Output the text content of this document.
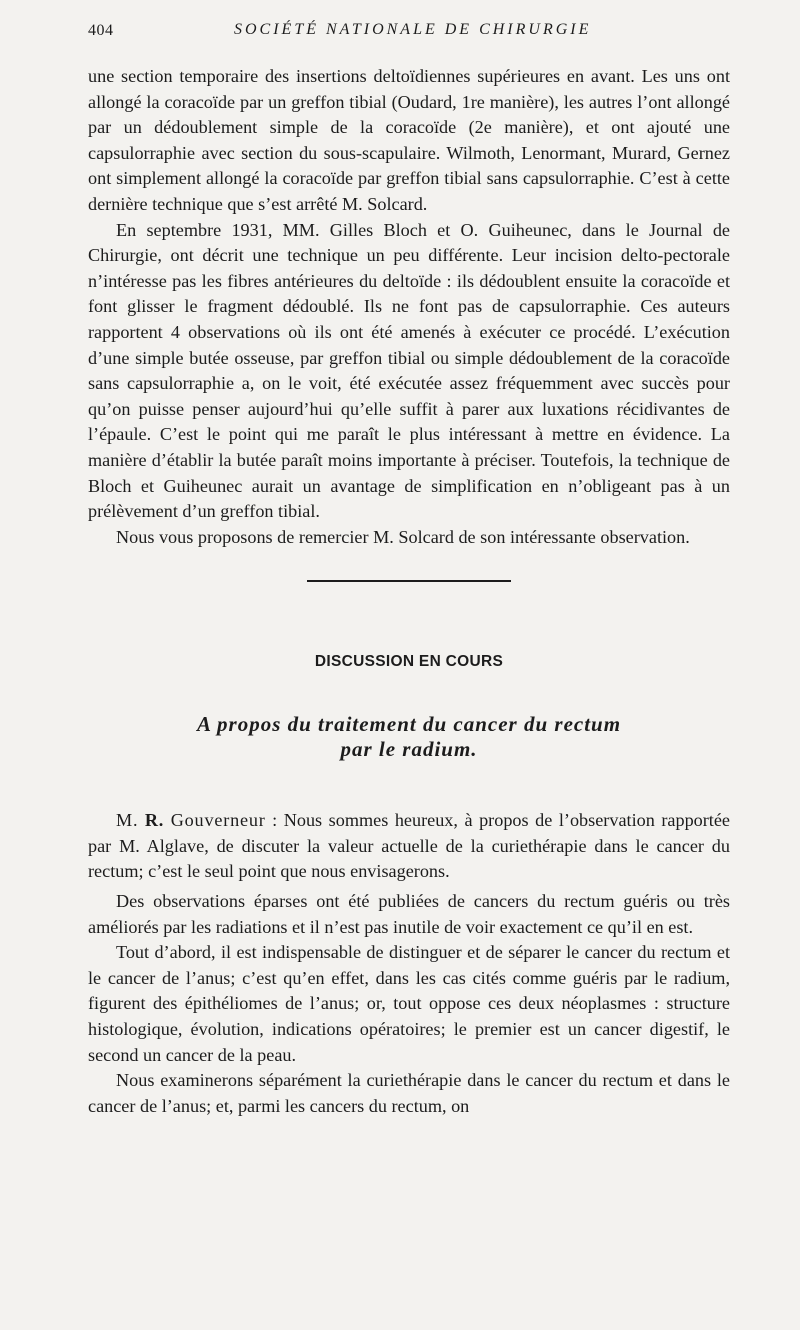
404	SOCIÉTÉ NATIONALE DE CHIRURGIE

une section temporaire des insertions deltoïdiennes supérieures en avant. Les uns ont allongé la coracoïde par un greffon tibial (Oudard, 1re manière), les autres l’ont allongé par un dédoublement simple de la coracoïde (2e manière), et ont ajouté une capsulorraphie avec section du sous-scapulaire. Wilmoth, Lenormant, Murard, Gernez ont simplement allongé la coracoïde par greffon tibial sans capsulorraphie. C’est à cette dernière technique que s’est arrêté M. Solcard.

En septembre 1931, MM. Gilles Bloch et O. Guiheunec, dans le Journal de Chirurgie, ont décrit une technique un peu différente. Leur incision delto-pectorale n’intéresse pas les fibres antérieures du deltoïde : ils dédoublent ensuite la coracoïde et font glisser le fragment dédoublé. Ils ne font pas de capsulorraphie. Ces auteurs rapportent 4 observations où ils ont été amenés à exécuter ce procédé. L’exécution d’une simple butée osseuse, par greffon tibial ou simple dédoublement de la coracoïde sans capsulorraphie a, on le voit, été exécutée assez fréquemment avec succès pour qu’on puisse penser aujourd’hui qu’elle suffit à parer aux luxations récidivantes de l’épaule. C’est le point qui me paraît le plus intéressant à mettre en évidence. La manière d’établir la butée paraît moins importante à préciser. Toutefois, la technique de Bloch et Guiheunec aurait un avantage de simplification en n’obligeant pas à un prélèvement d’un greffon tibial.

Nous vous proposons de remercier M. Solcard de son intéressante observation.

DISCUSSION EN COURS
A propos du traitement du cancer du rectum
par le radium.

M. R. Gouverneur : Nous sommes heureux, à propos de l’observation rapportée par M. Alglave, de discuter la valeur actuelle de la curiethérapie dans le cancer du rectum; c’est le seul point que nous envisagerons.

Des observations éparses ont été publiées de cancers du rectum guéris ou très améliorés par les radiations et il n’est pas inutile de voir exactement ce qu’il en est.

Tout d’abord, il est indispensable de distinguer et de séparer le cancer du rectum et le cancer de l’anus; c’est qu’en effet, dans les cas cités comme guéris par le radium, figurent des épithéliomes de l’anus; or, tout oppose ces deux néoplasmes : structure histologique, évolution, indications opératoires; le premier est un cancer digestif, le second un cancer de la peau.

Nous examinerons séparément la curiethérapie dans le cancer du rectum et dans le cancer de l’anus; et, parmi les cancers du rectum, on
